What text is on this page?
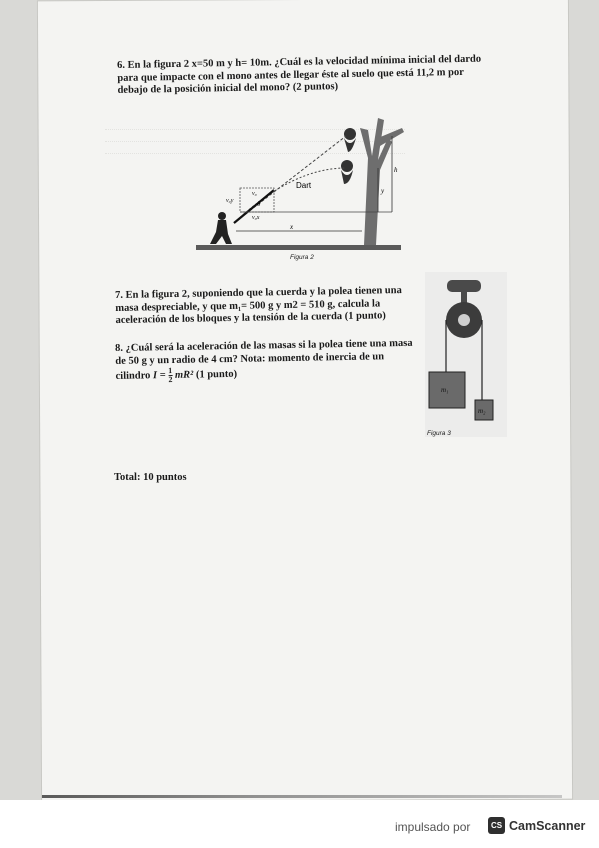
6. En la figura 2 x=50 m y h= 10m. ¿Cuál es la velocidad mínima inicial del dardo para que impacte con el mono antes de llegar éste al suelo que está 11,2 m por debajo de la posición inicial del mono? (2 puntos)
Dart
v₀
v₀y
v₀x
θ
x
y
h
Figura 2
7. En la figura 2, suponiendo que la cuerda y la polea tienen una masa despreciable, y que m₁= 500 g y m2 = 510 g, calcula la aceleración de los bloques y la tensión de la cuerda (1 punto)
8. ¿Cuál será la aceleración de las masas si la polea tiene una masa de 50 g y un radio de 4 cm? Nota: momento de inercia de un cilindro $I = \frac{1}{2} mR^2$ (1 punto)
m₁
m₂
Figura 3
Total: 10 puntos
impulsado por	CS CamScanner
